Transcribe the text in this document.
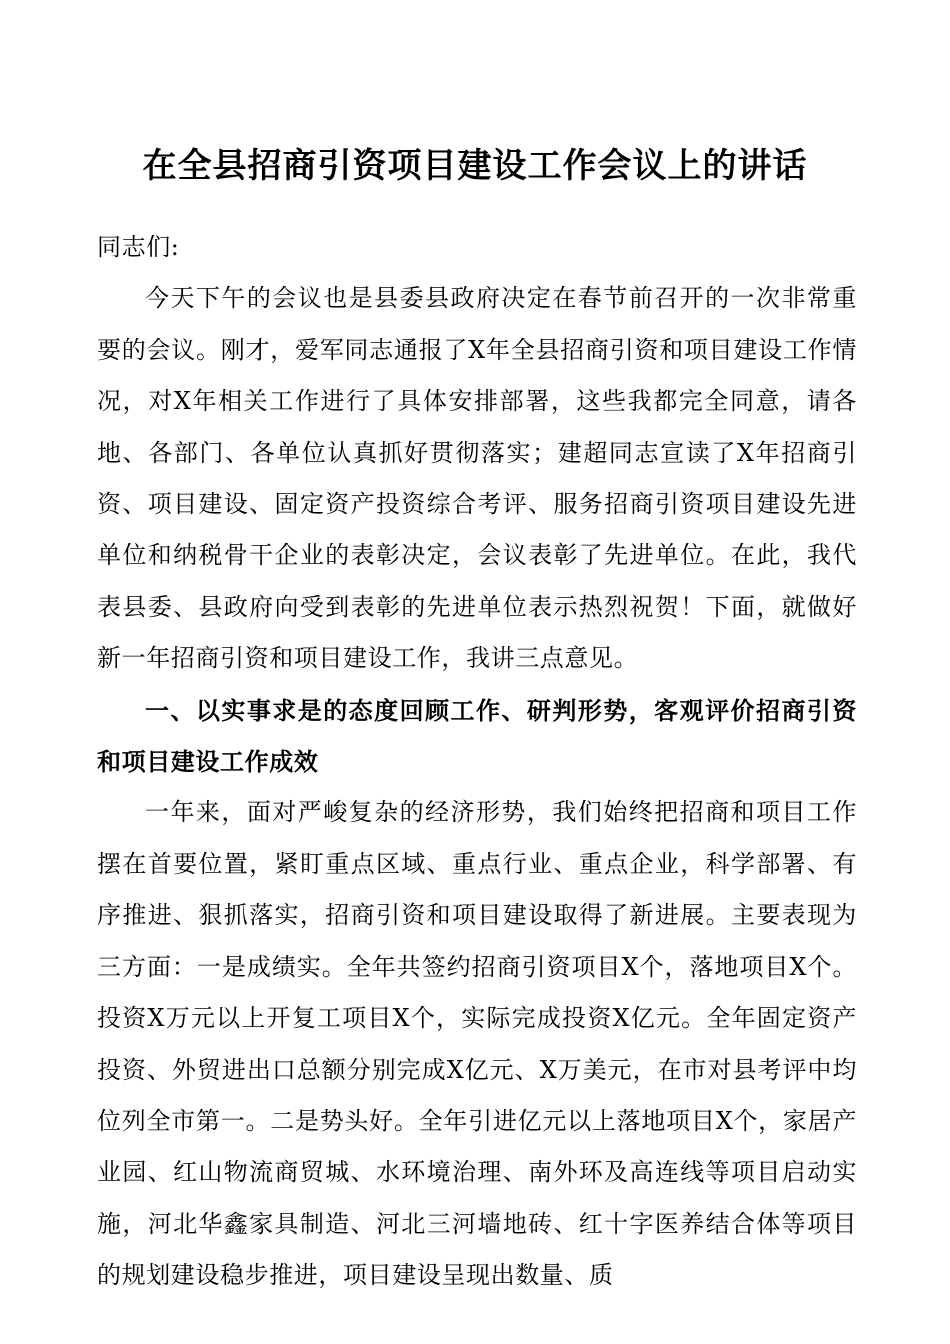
在全县招商引资项目建设工作会议上的讲话

同志们:

今天下午的会议也是县委县政府决定在春节前召开的一次非常重要的会议。刚才，爱军同志通报了X年全县招商引资和项目建设工作情况，对X年相关工作进行了具体安排部署，这些我都完全同意，请各地、各部门、各单位认真抓好贯彻落实；建超同志宣读了X年招商引资、项目建设、固定资产投资综合考评、服务招商引资项目建设先进单位和纳税骨干企业的表彰决定，会议表彰了先进单位。在此，我代表县委、县政府向受到表彰的先进单位表示热烈祝贺！下面，就做好新一年招商引资和项目建设工作，我讲三点意见。

一、以实事求是的态度回顾工作、研判形势，客观评价招商引资和项目建设工作成效

一年来，面对严峻复杂的经济形势，我们始终把招商和项目工作摆在首要位置，紧盯重点区域、重点行业、重点企业，科学部署、有序推进、狠抓落实，招商引资和项目建设取得了新进展。主要表现为三方面：一是成绩实。全年共签约招商引资项目X个，落地项目X个。投资X万元以上开复工项目X个，实际完成投资X亿元。全年固定资产投资、外贸进出口总额分别完成X亿元、X万美元，在市对县考评中均位列全市第一。二是势头好。全年引进亿元以上落地项目X个，家居产业园、红山物流商贸城、水环境治理、南外环及高连线等项目启动实施，河北华鑫家具制造、河北三河墙地砖、红十字医养结合体等项目的规划建设稳步推进，项目建设呈现出数量、质
